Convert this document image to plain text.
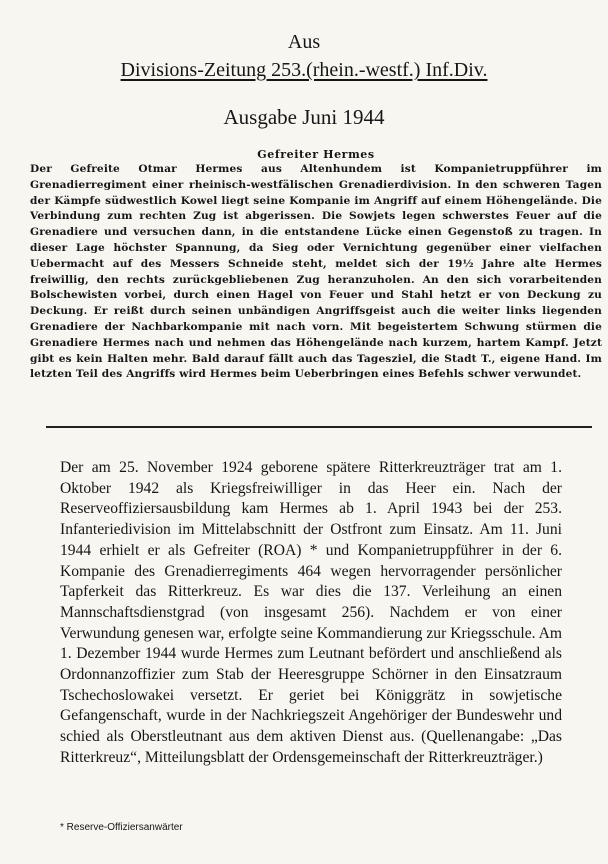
Aus
Divisions-Zeitung 253.(rhein.-westf.) Inf.Div.
Ausgabe Juni 1944
Gefreiter Hermes
Der Gefreite Otmar Hermes aus Altenhundem ist Kompanietruppführer im Grenadierregiment einer rheinisch-westfälischen Grenadierdivision. In den schweren Tagen der Kämpfe südwestlich Kowel liegt seine Kompanie im Angriff auf einem Höhengelände. Die Verbindung zum rechten Zug ist abgerissen. Die Sowjets legen schwerstes Feuer auf die Grenadiere und versuchen dann, in die entstandene Lücke einen Gegenstoß zu tragen. In dieser Lage höchster Spannung, da Sieg oder Vernichtung gegenüber einer vielfachen Uebermacht auf des Messers Schneide steht, meldet sich der 19½ Jahre alte Hermes freiwillig, den rechts zurückgebliebenen Zug heranzuholen. An den sich vorarbeitenden Bolschewisten vorbei, durch einen Hagel von Feuer und Stahl hetzt er von Deckung zu Deckung. Er reißt durch seinen unbändigen Angriffsgeist auch die weiter links liegenden Grenadiere der Nachbarkompanie mit nach vorn. Mit begeistertem Schwung stürmen die Grenadiere Hermes nach und nehmen das Höhengelände nach kurzem, hartem Kampf. Jetzt gibt es kein Halten mehr. Bald darauf fällt auch das Tagesziel, die Stadt T., eigene Hand. Im letzten Teil des Angriffs wird Hermes beim Ueberbringen eines Befehls schwer verwundet.
Der am 25. November 1924 geborene spätere Ritterkreuzträger trat am 1. Oktober 1942 als Kriegsfreiwilliger in das Heer ein. Nach der Reserveoffiziersausbildung kam Hermes ab 1. April 1943 bei der 253. Infanteriedivision im Mittelabschnitt der Ostfront zum Einsatz. Am 11. Juni 1944 erhielt er als Gefreiter (ROA) * und Kompanietruppführer in der 6. Kompanie des Grenadierregiments 464 wegen hervorragender persönlicher Tapferkeit das Ritterkreuz. Es war dies die 137. Verleihung an einen Mannschaftsdienstgrad (von insgesamt 256). Nachdem er von einer Verwundung genesen war, erfolgte seine Kommandierung zur Kriegsschule. Am 1. Dezember 1944 wurde Hermes zum Leutnant befördert und anschließend als Ordonnanzoffizier zum Stab der Heeresgruppe Schörner in den Einsatzraum Tschechoslowakei versetzt. Er geriet bei Königgrätz in sowjetische Gefangenschaft, wurde in der Nachkriegszeit Angehöriger der Bundeswehr und schied als Oberstleutnant aus dem aktiven Dienst aus. (Quellenangabe: „Das Ritterkreuz“, Mitteilungsblatt der Ordensgemeinschaft der Ritterkreuzträger.)
* Reserve-Offiziersanwärter
